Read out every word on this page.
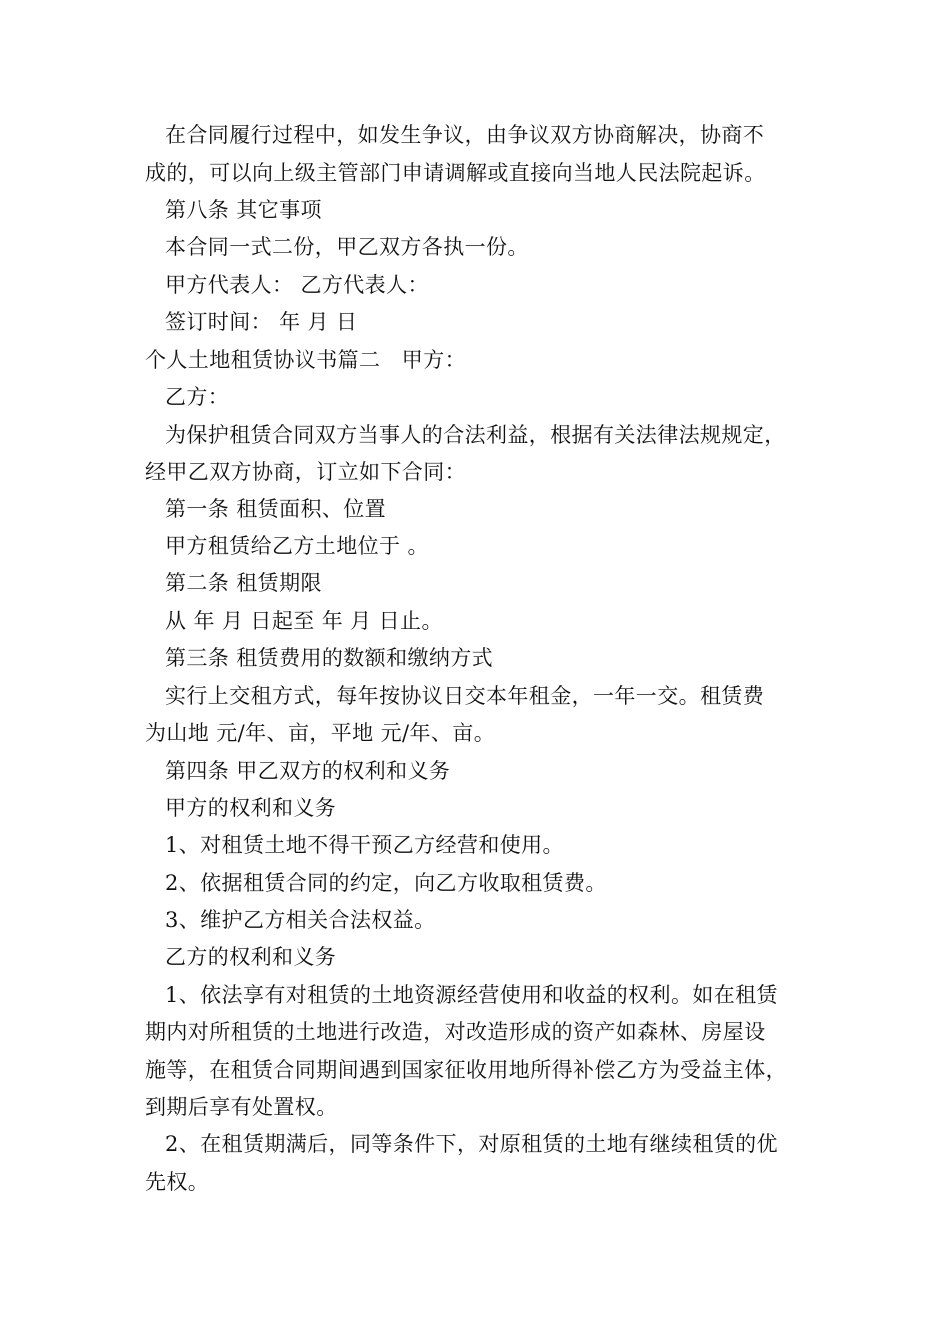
在合同履行过程中，如发生争议，由争议双方协商解决，协商不
成的，可以向上级主管部门申请调解或直接向当地人民法院起诉。
第八条 其它事项
本合同一式二份，甲乙双方各执一份。
甲方代表人： 乙方代表人：
签订时间： 年 月 日
个人土地租赁协议书篇二　甲方：
乙方：
为保护租赁合同双方当事人的合法利益，根据有关法律法规规定，
经甲乙双方协商，订立如下合同：
第一条 租赁面积、位置
甲方租赁给乙方土地位于 。
第二条 租赁期限
从 年 月 日起至 年 月 日止。
第三条 租赁费用的数额和缴纳方式
实行上交租方式，每年按协议日交本年租金，一年一交。租赁费
为山地 元/年、亩，平地 元/年、亩。
第四条 甲乙双方的权利和义务
甲方的权利和义务
1、对租赁土地不得干预乙方经营和使用。
2、依据租赁合同的约定，向乙方收取租赁费。
3、维护乙方相关合法权益。
乙方的权利和义务
1、依法享有对租赁的土地资源经营使用和收益的权利。如在租赁
期内对所租赁的土地进行改造，对改造形成的资产如森林、房屋设
施等，在租赁合同期间遇到国家征收用地所得补偿乙方为受益主体，
到期后享有处置权。
2、在租赁期满后，同等条件下，对原租赁的土地有继续租赁的优
先权。
